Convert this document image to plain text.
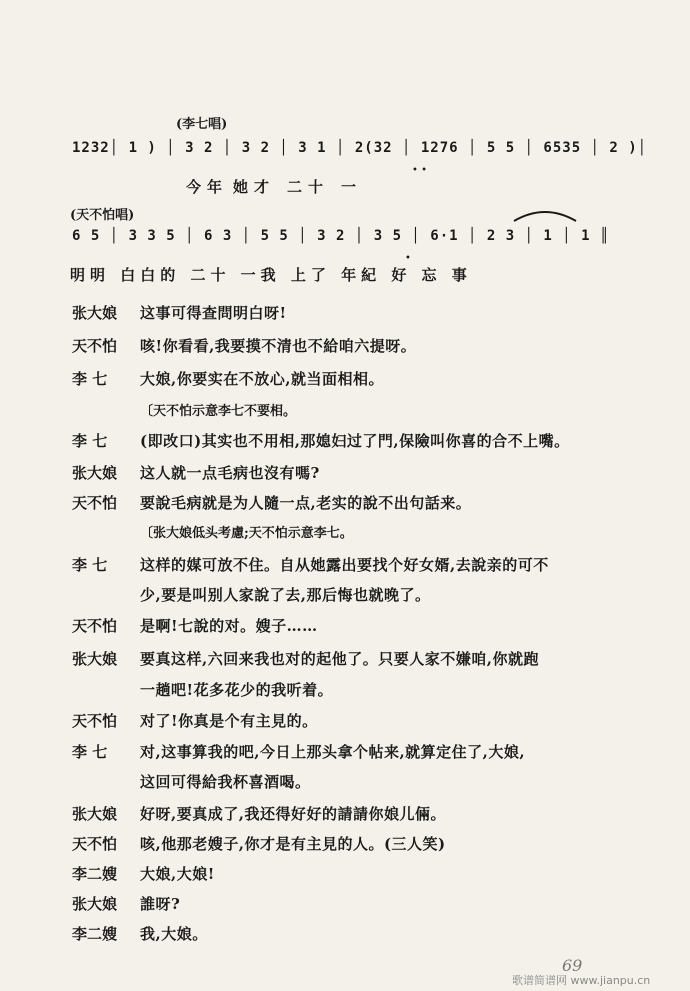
(李七唱)
1232│ 1 ) │ 3 2 │ 3 2 │ 3 1 │ 2(32 │ 1276 │ 5 5 │ 6535 │ 2 )│
• •
今年 她才 二十 一
(天不怕唱)
6 5 │ 3 3 5 │ 6 3 │ 5 5 │ 3 2 │ 3 5 │ 6·1 │ 2 3 │ 1 │ 1 ║
•
明明 白白的 二十 一我 上了 年紀 好 忘 事
张大娘	这事可得查問明白呀!
天不怕	咳!你看看,我要摸不清也不給咱六提呀。
李 七	大娘,你要实在不放心,就当面相相。
〔天不怕示意李七不要相。
李 七	(即改口)其实也不用相,那媳妇过了門,保險叫你喜的合不上嘴。
张大娘	这人就一点毛病也沒有嗎?
天不怕	要說毛病就是为人隨一点,老实的說不出句話来。
〔张大娘低头考慮;天不怕示意李七。
李 七	这样的媒可放不住。自从她露出要找个好女婿,去說亲的可不
少,要是叫别人家說了去,那后悔也就晚了。
天不怕	是啊!七說的对。嫂子……
张大娘	要真这样,六回来我也对的起他了。只要人家不嫌咱,你就跑
一趟吧!花多花少的我听着。
天不怕	对了!你真是个有主見的。
李 七	对,这事算我的吧,今日上那头拿个帖来,就算定住了,大娘,
这回可得給我杯喜酒喝。
张大娘	好呀,要真成了,我还得好好的請請你娘儿倆。
天不怕	咳,他那老嫂子,你才是有主見的人。(三人笑)
李二嫂	大娘,大娘!
张大娘	誰呀?
李二嫂	我,大娘。
69
歌谱简谱网 www.jianpu.cn
